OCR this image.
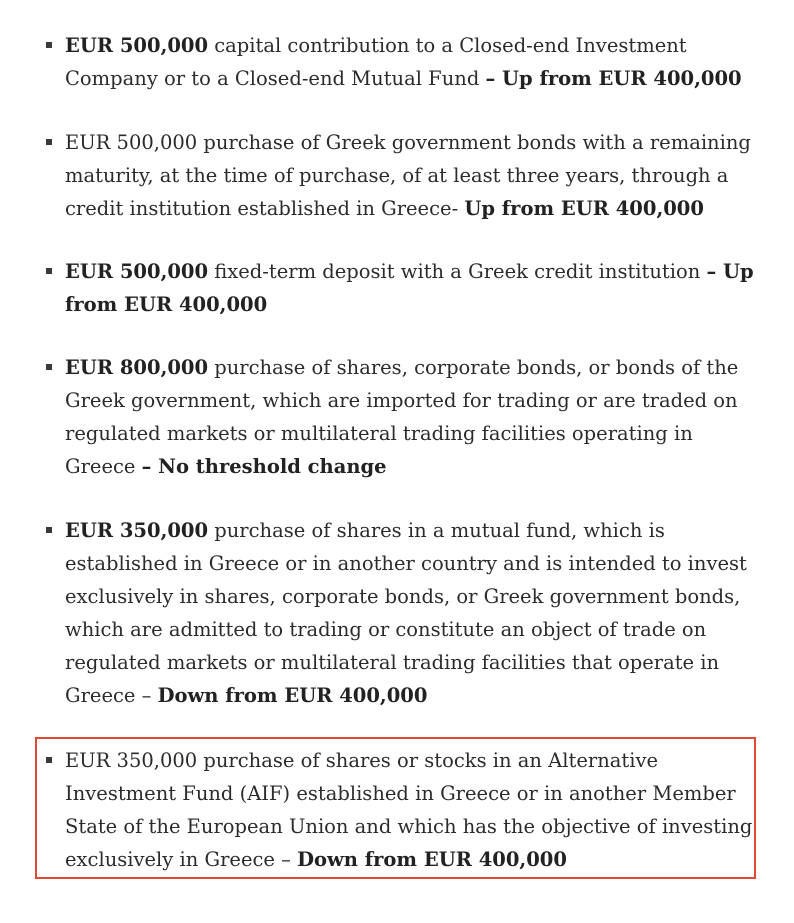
EUR 500,000 capital contribution to a Closed-end Investment Company or to a Closed-end Mutual Fund – Up from EUR 400,000
EUR 500,000 purchase of Greek government bonds with a remaining maturity, at the time of purchase, of at least three years, through a credit institution established in Greece- Up from EUR 400,000
EUR 500,000 fixed-term deposit with a Greek credit institution – Up from EUR 400,000
EUR 800,000 purchase of shares, corporate bonds, or bonds of the Greek government, which are imported for trading or are traded on regulated markets or multilateral trading facilities operating in Greece – No threshold change
EUR 350,000 purchase of shares in a mutual fund, which is established in Greece or in another country and is intended to invest exclusively in shares, corporate bonds, or Greek government bonds, which are admitted to trading or constitute an object of trade on regulated markets or multilateral trading facilities that operate in Greece – Down from EUR 400,000
EUR 350,000 purchase of shares or stocks in an Alternative Investment Fund (AIF) established in Greece or in another Member State of the European Union and which has the objective of investing exclusively in Greece – Down from EUR 400,000
